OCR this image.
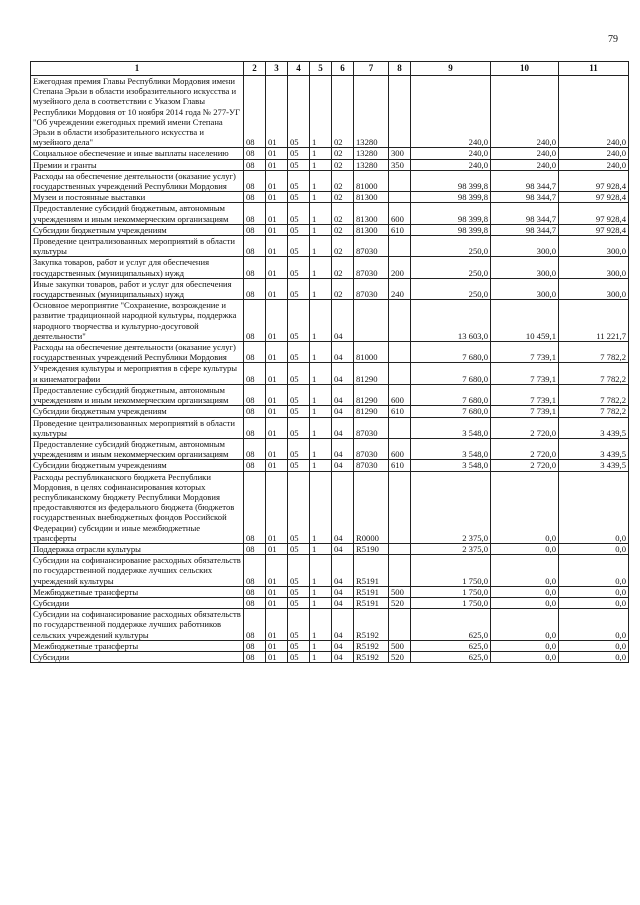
79
1	2	3	4	5	6	7	8	9	10	11
Ежегодная премия Главы Республики Мордовия имени Степана Эрьзи в области изобразительного искусства и музейного дела в соответствии с Указом Главы Республики Мордовия от 10 ноября 2014 года № 277-УГ "Об учреждении ежегодных премий имени Степана Эрьзи в области изобразительного искусства и музейного дела"	08	01	05	1	02	13280		240,0	240,0	240,0
Социальное обеспечение и иные выплаты населению	08	01	05	1	02	13280	300	240,0	240,0	240,0
Премии и гранты	08	01	05	1	02	13280	350	240,0	240,0	240,0
Расходы на обеспечение деятельности (оказание услуг) государственных учреждений Республики Мордовия	08	01	05	1	02	81000		98 399,8	98 344,7	97 928,4
Музеи и постоянные выставки	08	01	05	1	02	81300		98 399,8	98 344,7	97 928,4
Предоставление субсидий бюджетным, автономным учреждениям и иным некоммерческим организациям	08	01	05	1	02	81300	600	98 399,8	98 344,7	97 928,4
Субсидии бюджетным учреждениям	08	01	05	1	02	81300	610	98 399,8	98 344,7	97 928,4
Проведение централизованных мероприятий в области культуры	08	01	05	1	02	87030		250,0	300,0	300,0
Закупка товаров, работ и услуг для обеспечения государственных (муниципальных) нужд	08	01	05	1	02	87030	200	250,0	300,0	300,0
Иные закупки товаров, работ и услуг для обеспечения государственных (муниципальных) нужд	08	01	05	1	02	87030	240	250,0	300,0	300,0
Основное мероприятие "Сохранение, возрождение и развитие традиционной народной культуры, поддержка народного творчества и культурно-досуговой деятельности"	08	01	05	1	04			13 603,0	10 459,1	11 221,7
Расходы на обеспечение деятельности (оказание услуг) государственных учреждений Республики Мордовия	08	01	05	1	04	81000		7 680,0	7 739,1	7 782,2
Учреждения культуры и мероприятия в сфере культуры и кинематографии	08	01	05	1	04	81290		7 680,0	7 739,1	7 782,2
Предоставление субсидий бюджетным, автономным учреждениям и иным некоммерческим организациям	08	01	05	1	04	81290	600	7 680,0	7 739,1	7 782,2
Субсидии бюджетным учреждениям	08	01	05	1	04	81290	610	7 680,0	7 739,1	7 782,2
Проведение централизованных мероприятий в области культуры	08	01	05	1	04	87030		3 548,0	2 720,0	3 439,5
Предоставление субсидий бюджетным, автономным учреждениям и иным некоммерческим организациям	08	01	05	1	04	87030	600	3 548,0	2 720,0	3 439,5
Субсидии бюджетным учреждениям	08	01	05	1	04	87030	610	3 548,0	2 720,0	3 439,5
Расходы республиканского бюджета Республики Мордовия, в целях софинансирования которых республиканскому бюджету Республики Мордовия предоставляются из федерального бюджета (бюджетов государственных внебюджетных фондов Российской Федерации) субсидии и иные межбюджетные трансферты	08	01	05	1	04	R0000		2 375,0	0,0	0,0
Поддержка отрасли культуры	08	01	05	1	04	R5190		2 375,0	0,0	0,0
Субсидии на софинансирование расходных обязательств по государственной поддержке лучших сельских учреждений культуры	08	01	05	1	04	R5191		1 750,0	0,0	0,0
Межбюджетные трансферты	08	01	05	1	04	R5191	500	1 750,0	0,0	0,0
Субсидии	08	01	05	1	04	R5191	520	1 750,0	0,0	0,0
Субсидии на софинансирование расходных обязательств по государственной поддержке лучших работников сельских учреждений культуры	08	01	05	1	04	R5192		625,0	0,0	0,0
Межбюджетные трансферты	08	01	05	1	04	R5192	500	625,0	0,0	0,0
Субсидии	08	01	05	1	04	R5192	520	625,0	0,0	0,0
